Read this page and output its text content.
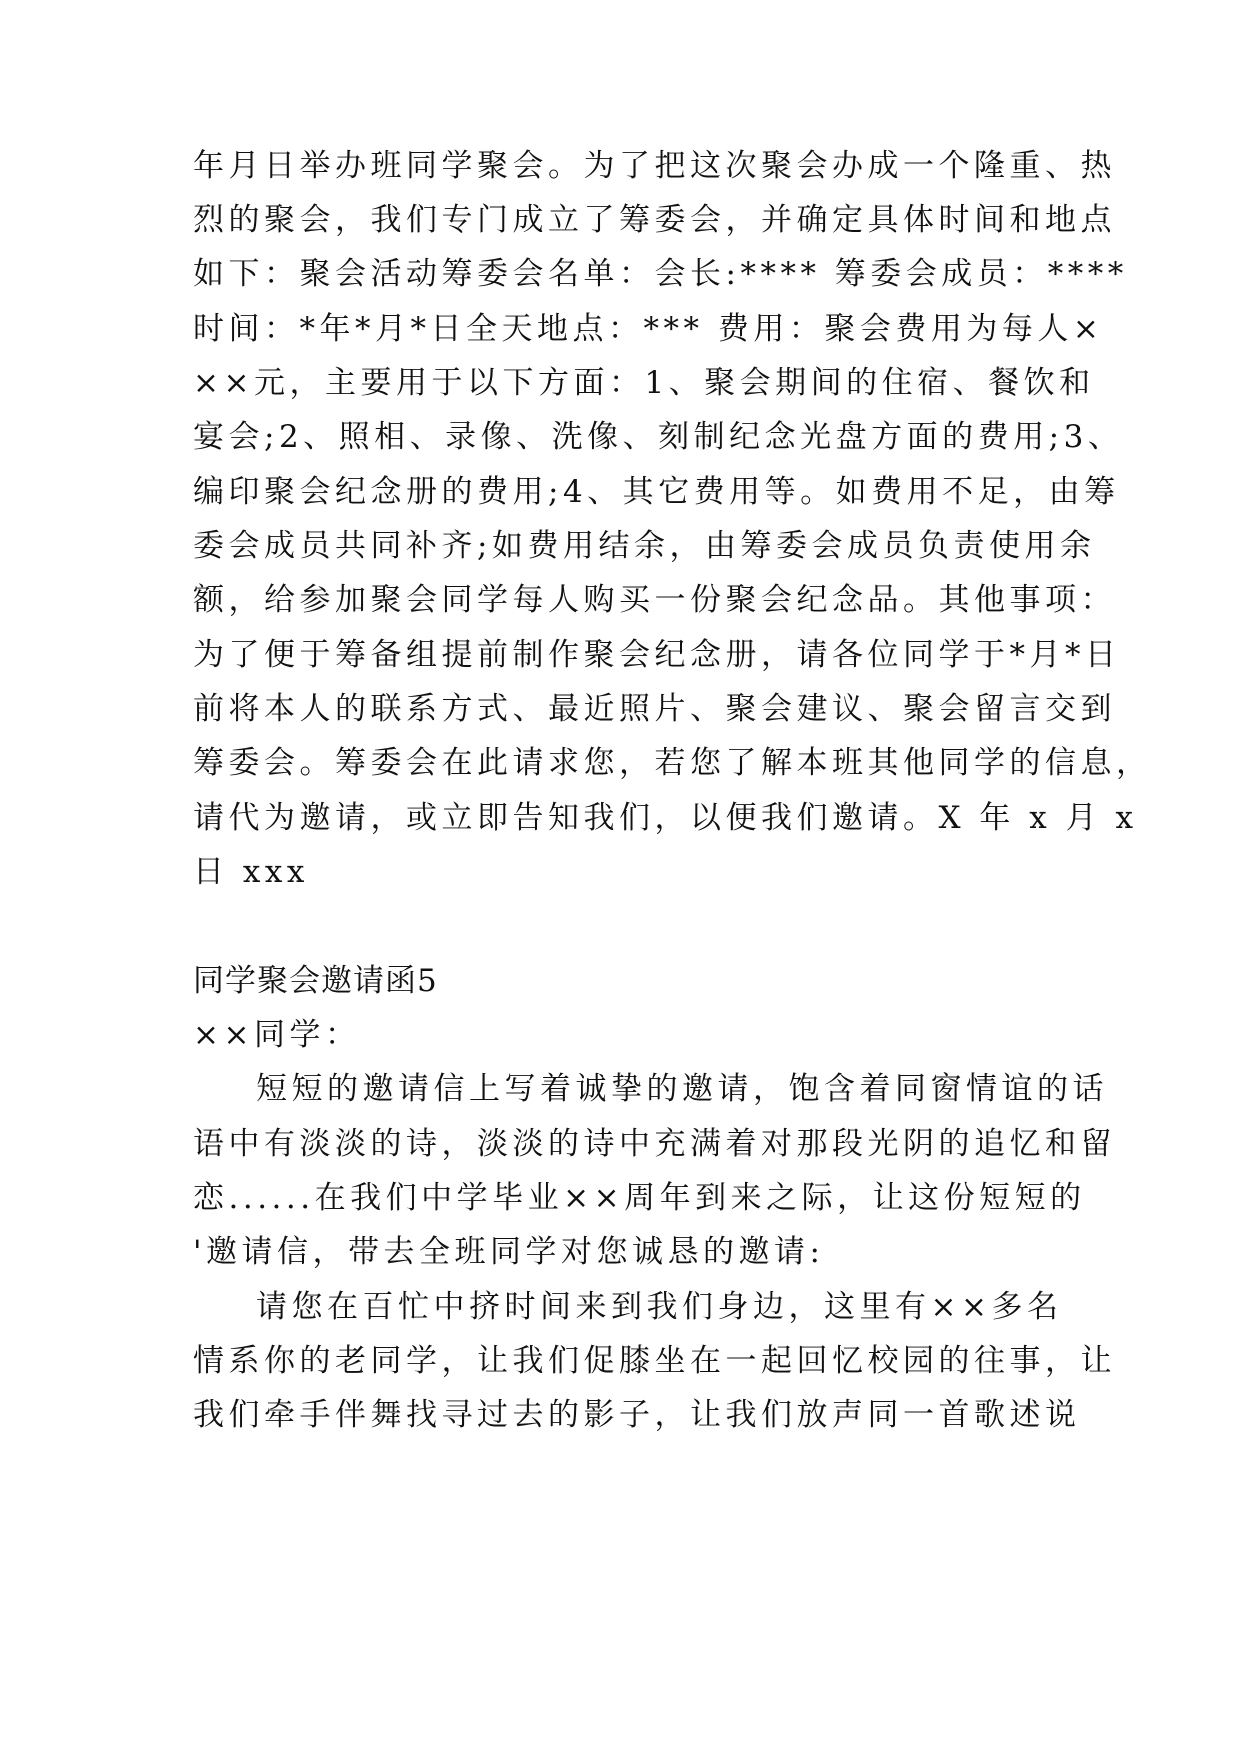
年月日举办班同学聚会。为了把这次聚会办成一个隆重、热

烈的聚会，我们专门成立了筹委会，并确定具体时间和地点

如下：聚会活动筹委会名单：会长:**** 筹委会成员：****

时间：*年*月*日全天地点：*** 费用：聚会费用为每人×

××元，主要用于以下方面：1、聚会期间的住宿、餐饮和

宴会;2、照相、录像、洗像、刻制纪念光盘方面的费用;3、

编印聚会纪念册的费用;4、其它费用等。如费用不足，由筹

委会成员共同补齐;如费用结余，由筹委会成员负责使用余

额，给参加聚会同学每人购买一份聚会纪念品。其他事项：

为了便于筹备组提前制作聚会纪念册，请各位同学于*月*日

前将本人的联系方式、最近照片、聚会建议、聚会留言交到

筹委会。筹委会在此请求您，若您了解本班其他同学的信息，

请代为邀请，或立即告知我们，以便我们邀请。X 年 x 月 x

日 xxx

同学聚会邀请函5

××同学：

短短的邀请信上写着诚挚的邀请，饱含着同窗情谊的话

语中有淡淡的诗，淡淡的诗中充满着对那段光阴的追忆和留

恋......在我们中学毕业××周年到来之际，让这份短短的

'邀请信，带去全班同学对您诚恳的邀请:

请您在百忙中挤时间来到我们身边，这里有××多名

情系你的老同学，让我们促膝坐在一起回忆校园的往事，让

我们牵手伴舞找寻过去的影子，让我们放声同一首歌述说
